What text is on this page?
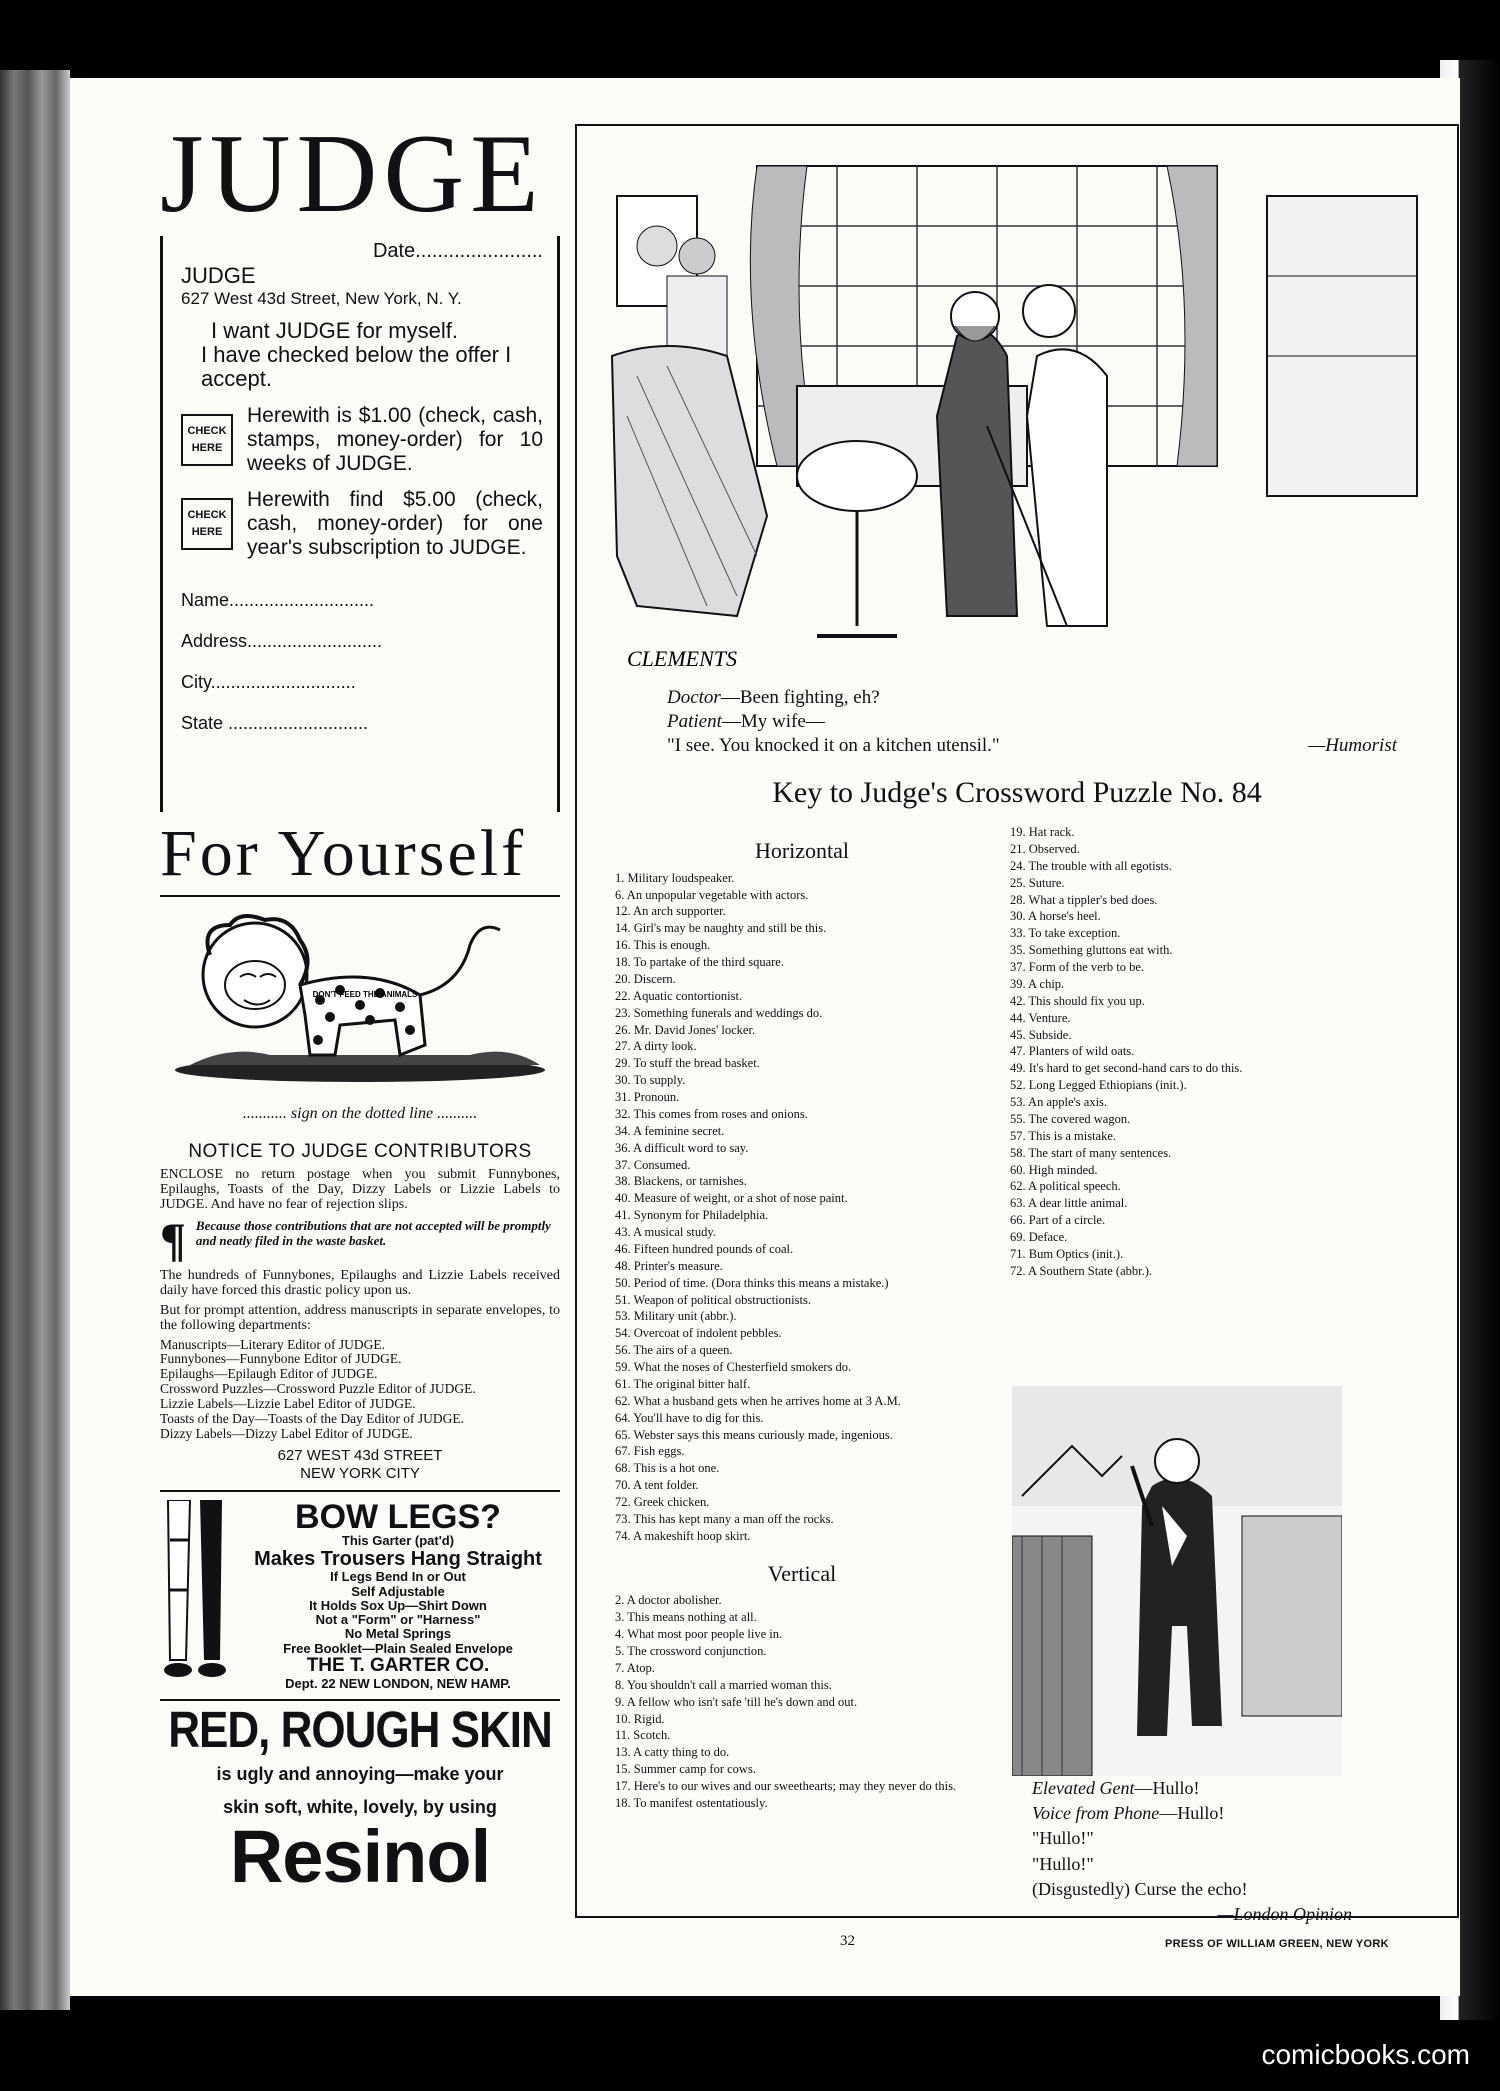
JUDGE
Date.......................
JUDGE
627 West 43d Street, New York, N. Y.
I want JUDGE for myself.
I have checked below the offer I accept.
CHECK HERE
Herewith is $1.00 (check, cash, stamps, money-order) for 10 weeks of JUDGE.
CHECK HERE
Herewith find $5.00 (check, cash, money-order) for one year's subscription to JUDGE.
Name.............................
Address...........................
City.............................
State ............................
For Yourself
DON'T FEED THE ANIMALS
........... sign on the dotted line ..........
NOTICE TO JUDGE CONTRIBUTORS

ENCLOSE no return postage when you submit Funnybones, Epilaughs, Toasts of the Day, Dizzy Labels or Lizzie Labels to JUDGE. And have no fear of rejection slips.

¶ Because those contributions that are not accepted will be promptly and neatly filed in the waste basket.

The hundreds of Funnybones, Epilaughs and Lizzie Labels received daily have forced this drastic policy upon us.

But for prompt attention, address manuscripts in separate envelopes, to the following departments:

Manuscripts—Literary Editor of JUDGE.

Funnybones—Funnybone Editor of JUDGE.

Epilaughs—Epilaugh Editor of JUDGE.

Crossword Puzzles—Crossword Puzzle Editor of JUDGE.

Lizzie Labels—Lizzie Label Editor of JUDGE.

Toasts of the Day—Toasts of the Day Editor of JUDGE.

Dizzy Labels—Dizzy Label Editor of JUDGE.

627 WEST 43d STREET
NEW YORK CITY
BOW LEGS?
This Garter (pat'd)
Makes Trousers Hang Straight
If Legs Bend In or Out
Self Adjustable
It Holds Sox Up—Shirt Down
Not a "Form" or "Harness"
No Metal Springs
Free Booklet—Plain Sealed Envelope
THE T. GARTER CO.
Dept. 22 NEW LONDON, NEW HAMP.
RED, ROUGH SKIN
is ugly and annoying—make your
skin soft, white, lovely, by using
Resinol
CLEMENTS
Doctor—Been fighting, eh?
Patient—My wife—
"I see. You knocked it on a kitchen utensil."	—Humorist
Key to Judge's Crossword Puzzle No. 84
Horizontal

1. Military loudspeaker.

6. An unpopular vegetable with actors.

12. An arch supporter.

14. Girl's may be naughty and still be this.

16. This is enough.

18. To partake of the third square.

20. Discern.

22. Aquatic contortionist.

23. Something funerals and weddings do.

26. Mr. David Jones' locker.

27. A dirty look.

29. To stuff the bread basket.

30. To supply.

31. Pronoun.

32. This comes from roses and onions.

34. A feminine secret.

36. A difficult word to say.

37. Consumed.

38. Blackens, or tarnishes.

40. Measure of weight, or a shot of nose paint.

41. Synonym for Philadelphia.

43. A musical study.

46. Fifteen hundred pounds of coal.

48. Printer's measure.

50. Period of time. (Dora thinks this means a mistake.)

51. Weapon of political obstructionists.

53. Military unit (abbr.).

54. Overcoat of indolent pebbles.

56. The airs of a queen.

59. What the noses of Chesterfield smokers do.

61. The original bitter half.

62. What a husband gets when he arrives home at 3 A.M.

64. You'll have to dig for this.

65. Webster says this means curiously made, ingenious.

67. Fish eggs.

68. This is a hot one.

70. A tent folder.

72. Greek chicken.

73. This has kept many a man off the rocks.

74. A makeshift hoop skirt.

Vertical

2. A doctor abolisher.

3. This means nothing at all.

4. What most poor people live in.

5. The crossword conjunction.

7. Atop.

8. You shouldn't call a married woman this.

9. A fellow who isn't safe 'till he's down and out.

10. Rigid.

11. Scotch.

13. A catty thing to do.

15. Summer camp for cows.

17. Here's to our wives and our sweethearts; may they never do this.

18. To manifest ostentatiously.

19. Hat rack.

21. Observed.

24. The trouble with all egotists.

25. Suture.

28. What a tippler's bed does.

30. A horse's heel.

33. To take exception.

35. Something gluttons eat with.

37. Form of the verb to be.

39. A chip.

42. This should fix you up.

44. Venture.

45. Subside.

47. Planters of wild oats.

49. It's hard to get second-hand cars to do this.

52. Long Legged Ethiopians (init.).

53. An apple's axis.

55. The covered wagon.

57. This is a mistake.

58. The start of many sentences.

60. High minded.

62. A political speech.

63. A dear little animal.

66. Part of a circle.

69. Deface.

71. Bum Optics (init.).

72. A Southern State (abbr.).

Elevated Gent—Hullo!
Voice from Phone—Hullo!
"Hullo!"
"Hullo!"
(Disgustedly) Curse the echo!
—London Opinion
32	PRESS OF WILLIAM GREEN, NEW YORK
comicbooks.com
